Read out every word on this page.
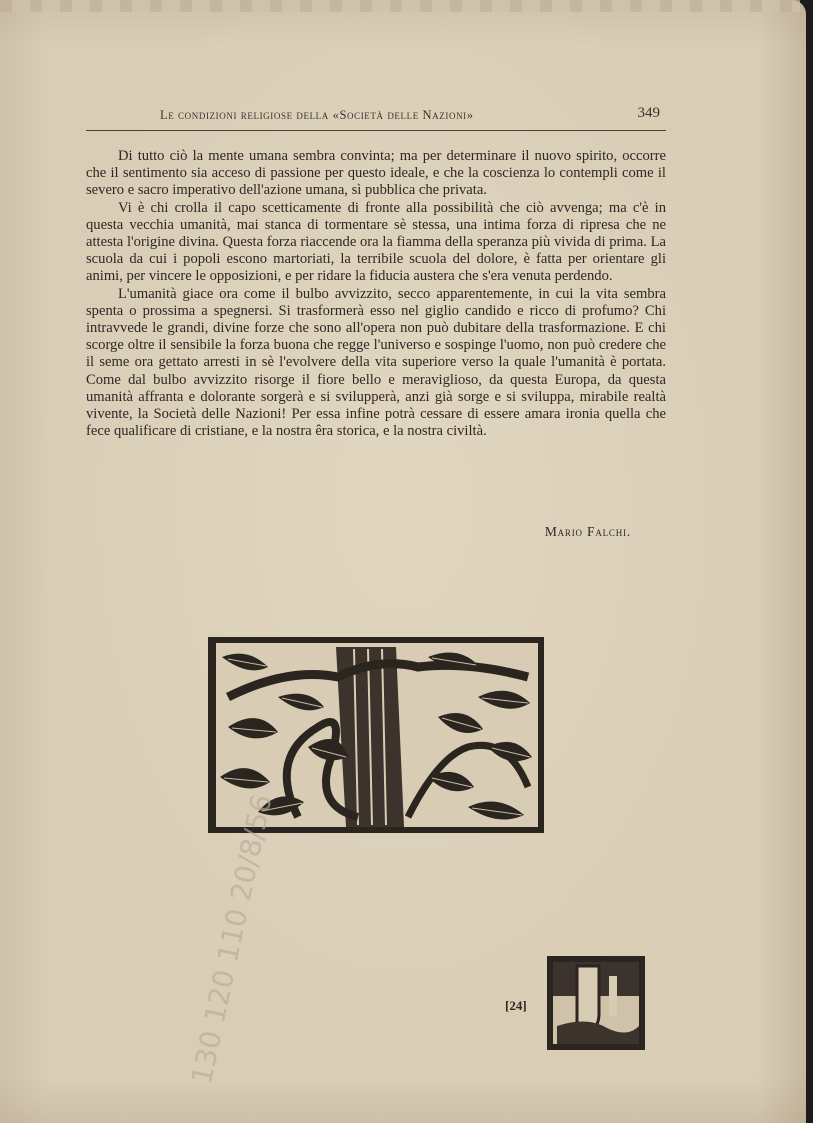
Le condizioni religiose della «Società delle Nazioni»	349

Di tutto ciò la mente umana sembra convinta; ma per determinare il nuovo spirito, occorre che il sentimento sia acceso di passione per questo ideale, e che la coscienza lo contempli come il severo e sacro imperativo dell'azione umana, sì pubblica che privata.

Vi è chi crolla il capo scetticamente di fronte alla possibilità che ciò avvenga; ma c'è in questa vecchia umanità, mai stanca di tormentare sè stessa, una intima forza di ripresa che ne attesta l'origine divina. Questa forza riaccende ora la fiamma della speranza più vivida di prima. La scuola da cui i popoli escono martoriati, la terribile scuola del dolore, è fatta per orientare gli animi, per vincere le opposizioni, e per ridare la fiducia austera che s'era venuta perdendo.

L'umanità giace ora come il bulbo avvizzito, secco apparentemente, in cui la vita sembra spenta o prossima a spegnersi. Si trasformerà esso nel giglio candido e ricco di profumo? Chi intravvede le grandi, divine forze che sono all'opera non può dubitare della trasformazione. E chi scorge oltre il sensibile la forza buona che regge l'universo e sospinge l'uomo, non può credere che il seme ora gettato arresti in sè l'evolvere della vita superiore verso la quale l'umanità è portata. Come dal bulbo avvizzito risorge il fiore bello e meraviglioso, da questa Europa, da questa umanità affranta e dolorante sorgerà e si svilupperà, anzi già sorge e si sviluppa, mirabile realtà vivente, la Società delle Nazioni! Per essa infine potrà cessare di essere amara ironia quella che fece qualificare di cristiane, e la nostra êra storica, e la nostra civiltà.

Mario Falchi.
[24]
130 120 110 20/8/56
